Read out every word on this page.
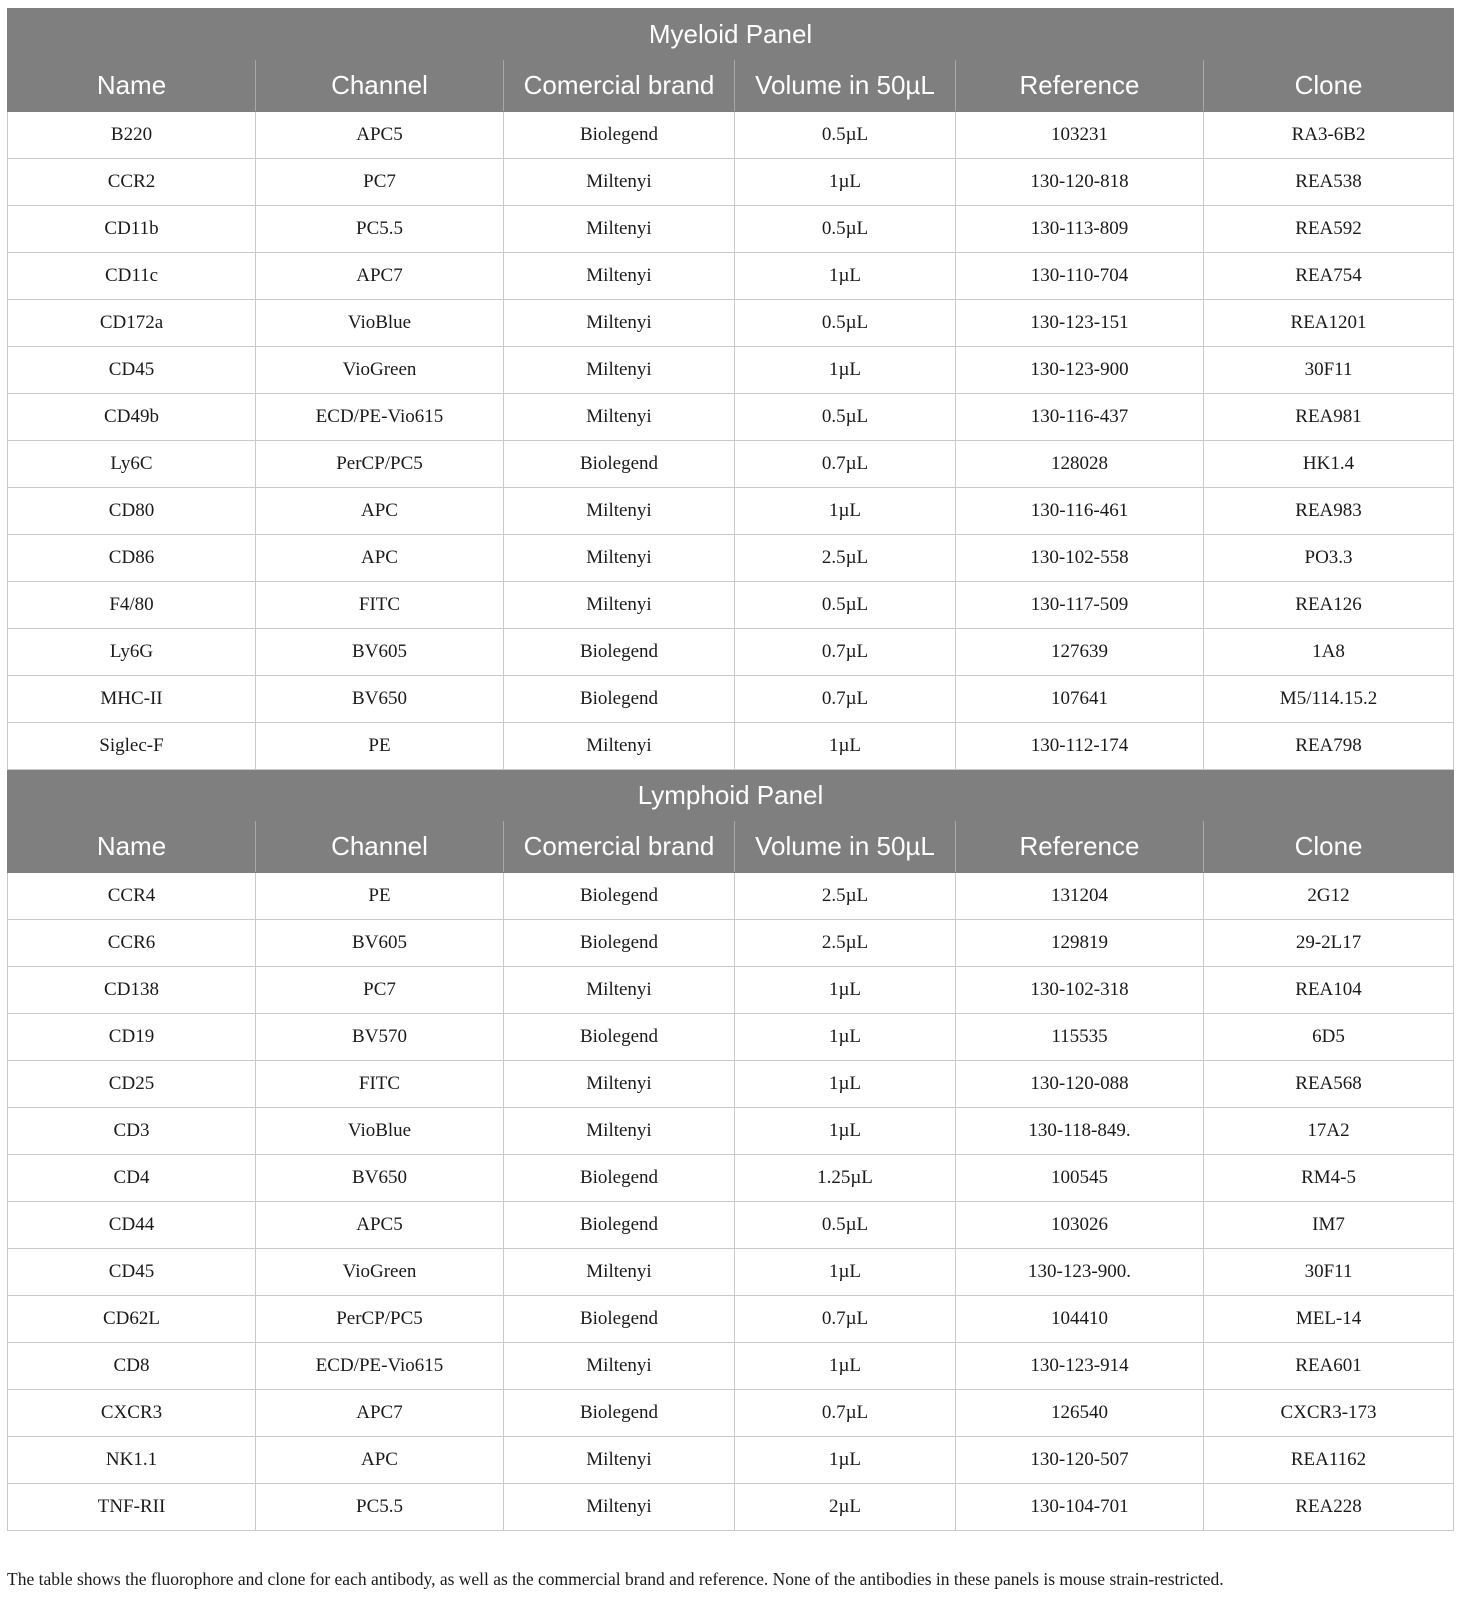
Myeloid Panel					
Name	Channel	Comercial brand	Volume in 50µL	Reference	Clone
B220	APC5	Biolegend	0.5µL	103231	RA3-6B2
CCR2	PC7	Miltenyi	1µL	130-120-818	REA538
CD11b	PC5.5	Miltenyi	0.5µL	130-113-809	REA592
CD11c	APC7	Miltenyi	1µL	130-110-704	REA754
CD172a	VioBlue	Miltenyi	0.5µL	130-123-151	REA1201
CD45	VioGreen	Miltenyi	1µL	130-123-900	30F11
CD49b	ECD/PE-Vio615	Miltenyi	0.5µL	130-116-437	REA981
Ly6C	PerCP/PC5	Biolegend	0.7µL	128028	HK1.4
CD80	APC	Miltenyi	1µL	130-116-461	REA983
CD86	APC	Miltenyi	2.5µL	130-102-558	PO3.3
F4/80	FITC	Miltenyi	0.5µL	130-117-509	REA126
Ly6G	BV605	Biolegend	0.7µL	127639	1A8
MHC-II	BV650	Biolegend	0.7µL	107641	M5/114.15.2
Siglec-F	PE	Miltenyi	1µL	130-112-174	REA798
Lymphoid Panel					
Name	Channel	Comercial brand	Volume in 50µL	Reference	Clone
CCR4	PE	Biolegend	2.5µL	131204	2G12
CCR6	BV605	Biolegend	2.5µL	129819	29-2L17
CD138	PC7	Miltenyi	1µL	130-102-318	REA104
CD19	BV570	Biolegend	1µL	115535	6D5
CD25	FITC	Miltenyi	1µL	130-120-088	REA568
CD3	VioBlue	Miltenyi	1µL	130-118-849.	17A2
CD4	BV650	Biolegend	1.25µL	100545	RM4-5
CD44	APC5	Biolegend	0.5µL	103026	IM7
CD45	VioGreen	Miltenyi	1µL	130-123-900.	30F11
CD62L	PerCP/PC5	Biolegend	0.7µL	104410	MEL-14
CD8	ECD/PE-Vio615	Miltenyi	1µL	130-123-914	REA601
CXCR3	APC7	Biolegend	0.7µL	126540	CXCR3-173
NK1.1	APC	Miltenyi	1µL	130-120-507	REA1162
TNF-RII	PC5.5	Miltenyi	2µL	130-104-701	REA228

The table shows the fluorophore and clone for each antibody, as well as the commercial brand and reference. None of the antibodies in these panels is mouse strain-restricted.
